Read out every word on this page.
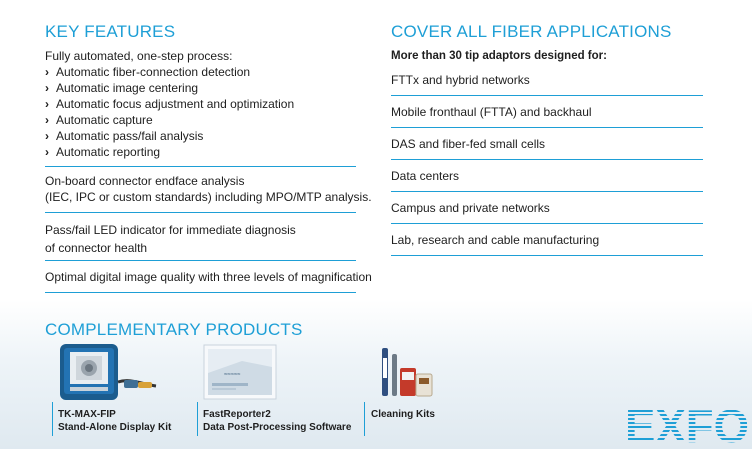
KEY FEATURES
Fully automated, one-step process:
› Automatic fiber-connection detection
› Automatic image centering
› Automatic focus adjustment and optimization
› Automatic capture
› Automatic pass/fail analysis
› Automatic reporting
On-board connector endface analysis
(IEC, IPC or custom standards) including MPO/MTP analysis.
Pass/fail LED indicator for immediate diagnosis
of connector health
Optimal digital image quality with three levels of magnification
COVER ALL FIBER APPLICATIONS
More than 30 tip adaptors designed for:
FTTx and hybrid networks
Mobile fronthaul (FTTA) and backhaul
DAS and fiber-fed small cells
Data centers
Campus and private networks
Lab, research and cable manufacturing
COMPLEMENTARY PRODUCTS
TK-MAX-FIP
Stand-Alone Display Kit
≈≈≈≈≈
FastReporter2
Data Post-Processing Software
Cleaning Kits	EXFO
